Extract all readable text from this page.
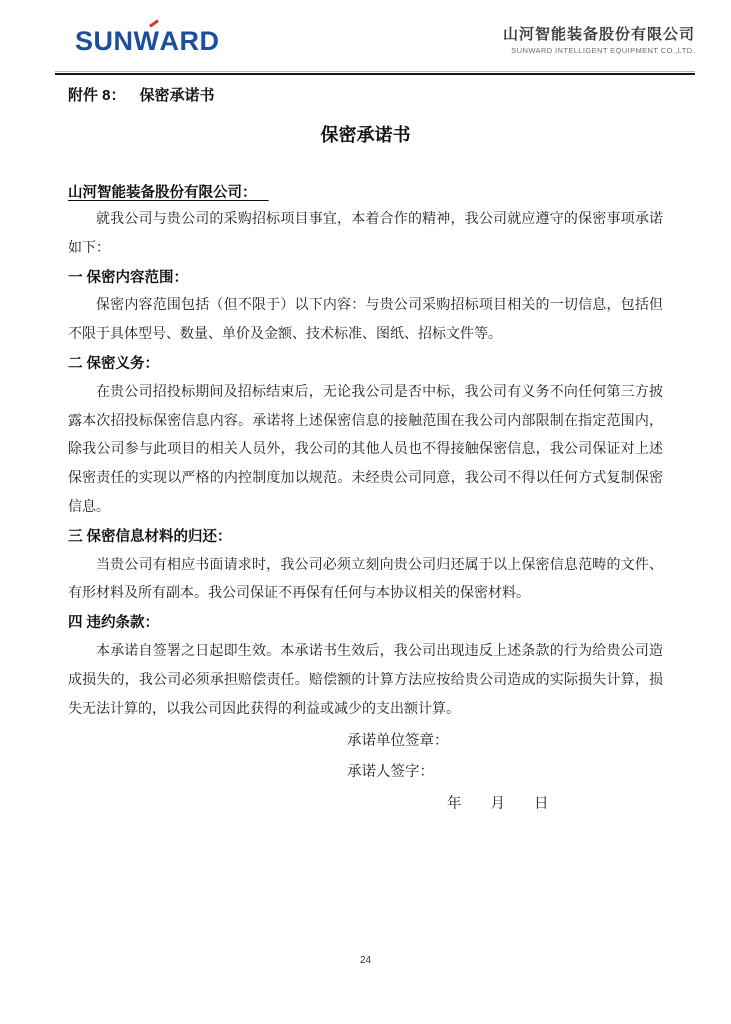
SUN
WARD	山河智能装备股份有限公司
SUNWARD INTELLIGENT EQUIPMENT CO.,LTD.
附件 8： 保密承诺书
保密承诺书
山河智能装备股份有限公司：

就我公司与贵公司的采购招标项目事宜，本着合作的精神，我公司就应遵守的保密事项承诺如下：

一 保密内容范围：

保密内容范围包括（但不限于）以下内容：与贵公司采购招标项目相关的一切信息，包括但不限于具体型号、数量、单价及金额、技术标准、图纸、招标文件等。

二 保密义务：

在贵公司招投标期间及招标结束后，无论我公司是否中标，我公司有义务不向任何第三方披露本次招投标保密信息内容。承诺将上述保密信息的接触范围在我公司内部限制在指定范围内，除我公司参与此项目的相关人员外，我公司的其他人员也不得接触保密信息，我公司保证对上述保密责任的实现以严格的内控制度加以规范。未经贵公司同意，我公司不得以任何方式复制保密信息。

三 保密信息材料的归还：

当贵公司有相应书面请求时，我公司必须立刻向贵公司归还属于以上保密信息范畴的文件、有形材料及所有副本。我公司保证不再保有任何与本协议相关的保密材料。

四 违约条款：

本承诺自签署之日起即生效。本承诺书生效后，我公司出现违反上述条款的行为给贵公司造成损失的，我公司必须承担赔偿责任。赔偿额的计算方法应按给贵公司造成的实际损失计算，损失无法计算的，以我公司因此获得的利益或减少的支出额计算。

承诺单位签章：
承诺人签字：
年　　月　　日
24
